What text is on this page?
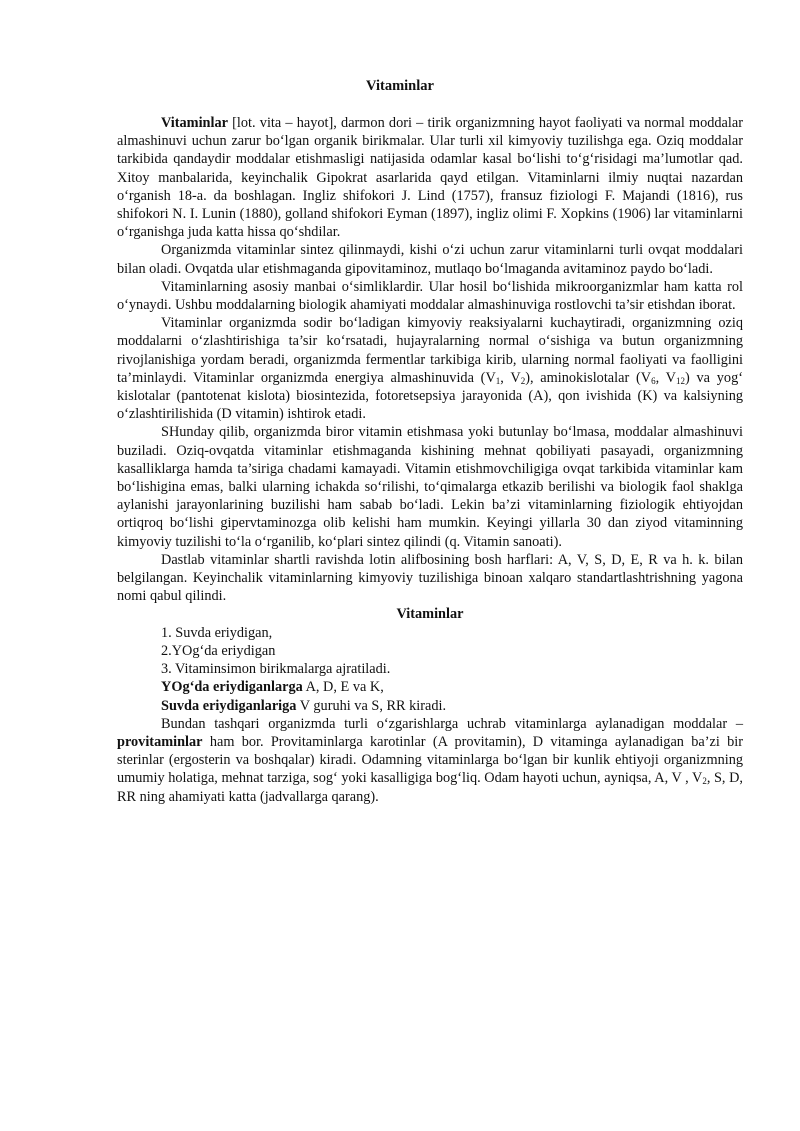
Vitaminlar

Vitaminlar [lot. vita – hayot], darmon dori – tirik organizmning hayot faoliyati va normal moddalar almashinuvi uchun zarur bo‘lgan organik birikmalar. Ular turli xil kimyoviy tuzilishga ega. Oziq moddalar tarkibida qandaydir moddalar etishmasligi natijasida odamlar kasal bo‘lishi to‘g‘risidagi ma’lumotlar qad. Xitoy manbalarida, keyinchalik Gipokrat asarlarida qayd etilgan. Vitaminlarni ilmiy nuqtai nazardan o‘rganish 18-a. da boshlagan. Ingliz shifokori J. Lind (1757), fransuz fiziologi F. Majandi (1816), rus shifokori N. I. Lunin (1880), golland shifokori Eyman (1897), ingliz olimi F. Xopkins (1906) lar vitaminlarni o‘rganishga juda katta hissa qo‘shdilar.

Organizmda vitaminlar sintez qilinmaydi, kishi o‘zi uchun zarur vitaminlarni turli ovqat moddalari bilan oladi. Ovqatda ular etishmaganda gipovitaminoz, mutlaqo bo‘lmaganda avitaminoz paydo bo‘ladi.

Vitaminlarning asosiy manbai o‘simliklardir. Ular hosil bo‘lishida mikroorganizmlar ham katta rol o‘ynaydi. Ushbu moddalarning biologik ahamiyati moddalar almashinuviga rostlovchi ta’sir etishdan iborat.

Vitaminlar organizmda sodir bo‘ladigan kimyoviy reaksiyalarni kuchaytiradi, organizmning oziq moddalarni o‘zlashtirishiga ta’sir ko‘rsatadi, hujayralarning normal o‘sishiga va butun organizmning rivojlanishiga yordam beradi, organizmda fermentlar tarkibiga kirib, ularning normal faoliyati va faolligini ta’minlaydi. Vitaminlar organizmda energiya almashinuvida ($V_1$, $V_2$), aminokislotalar ($V_6$, $V_{12}$) va yog‘ kislotalar (pantotenat kislota) biosintezida, fotoretsepsiya jarayonida (A), qon ivishida (K) va kalsiyning o‘zlashtirilishida (D vitamin) ishtirok etadi.

SHunday qilib, organizmda biror vitamin etishmasa yoki butunlay bo‘lmasa, moddalar almashinuvi buziladi. Oziq-ovqatda vitaminlar etishmaganda kishining mehnat qobiliyati pasayadi, organizmning kasalliklarga hamda ta’siriga chadami kamayadi. Vitamin etishmovchiligiga ovqat tarkibida vitaminlar kam bo‘lishigina emas, balki ularning ichakda so‘rilishi, to‘qimalarga etkazib berilishi va biologik faol shaklga aylanishi jarayonlarining buzilishi ham sabab bo‘ladi. Lekin ba’zi vitaminlarning fiziologik ehtiyojdan ortiqroq bo‘lishi gipervtaminozga olib kelishi ham mumkin. Keyingi yillarla 30 dan ziyod vitaminning kimyoviy tuzilishi to‘la o‘rganilib, ko‘plari sintez qilindi (q. Vitamin sanoati).

Dastlab vitaminlar shartli ravishda lotin alifbosining bosh harflari: A, V, S, D, E, R va h. k. bilan belgilangan. Keyinchalik vitaminlarning kimyoviy tuzilishiga binoan xalqaro standartlashtrishning yagona nomi qabul qilindi.

Vitaminlar

1. Suvda eriydigan,

2.YOg‘da eriydigan

3. Vitaminsimon birikmalarga ajratiladi.

YOg‘da eriydiganlarga A, D, E va K,

Suvda eriydiganlariga V guruhi va S, RR kiradi.

Bundan tashqari organizmda turli o‘zgarishlarga uchrab vitaminlarga aylanadigan moddalar – provitaminlar ham bor. Provitaminlarga karotinlar (A provitamin), D vitaminga aylanadigan ba’zi bir sterinlar (ergosterin va boshqalar) kiradi. Odamning vitaminlarga bo‘lgan bir kunlik ehtiyoji organizmning umumiy holatiga, mehnat tarziga, sog‘ yoki kasalligiga bog‘liq. Odam hayoti uchun, ayniqsa, A, V , $V_2$, S, D, RR ning ahamiyati katta (jadvallarga qarang).
